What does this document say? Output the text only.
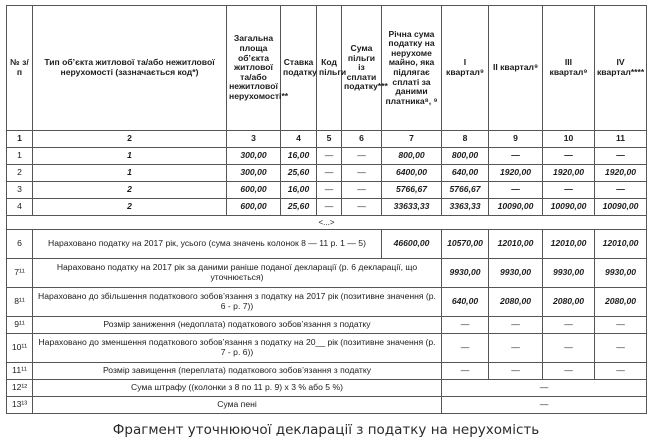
№ з/п	Тип об’єкта житлової та/або нежитлової нерухомості (зазначається код*)	Загальна площа об’єкта житлової та/або нежитлової нерухомості**	Ставка податку	Код пільги	Сума пільги із сплати податку***	Річна сума податку на нерухоме майно, яка підлягає сплаті за даними платника⁸, ⁹	I квартал⁹	II квартал⁹	III квартал⁹	IV квартал****
1	2	3	4	5	6	7	8	9	10	11
1	1	300,00	16,00	—	—	800,00	800,00	—	—	—
2	1	300,00	25,60	—	—	6400,00	640,00	1920,00	1920,00	1920,00
3	2	600,00	16,00	—	—	5766,67	5766,67	—	—	—
4	2	600,00	25,60	—	—	33633,33	3363,33	10090,00	10090,00	10090,00
<...>										
6	Нараховано податку на 2017 рік, усього (сума значень колонок 8 — 11 р. 1 — 5)					46600,00	10570,00	12010,00	12010,00	12010,00
7¹¹	Нараховано податку на 2017 рік за даними раніше поданої декларації (р. 6 декларації, що уточнюється)						9930,00	9930,00	9930,00	9930,00
8¹¹	Нараховано до збільшення податкового зобов’язання з податку на 2017 рік (позитивне значення (р. 6 - р. 7))						640,00	2080,00	2080,00	2080,00
9¹¹	Розмір заниження (недоплата) податкового зобов’язання з податку						—	—	—	—
10¹¹	Нараховано до зменшення податкового зобов’язання з податку на 20__ рік (позитивне значення (р. 7 - р. 6))						—	—	—	—
11¹¹	Розмір завищення (переплата) податкового зобов’язання з податку						—	—	—	—
12¹²	Сума штрафу ((колонки з 8 по 11 р. 9) х 3 % або 5 %)						—			
13¹³	Сума пені						—			
Фрагмент уточнюючої декларації з податку на нерухомість
